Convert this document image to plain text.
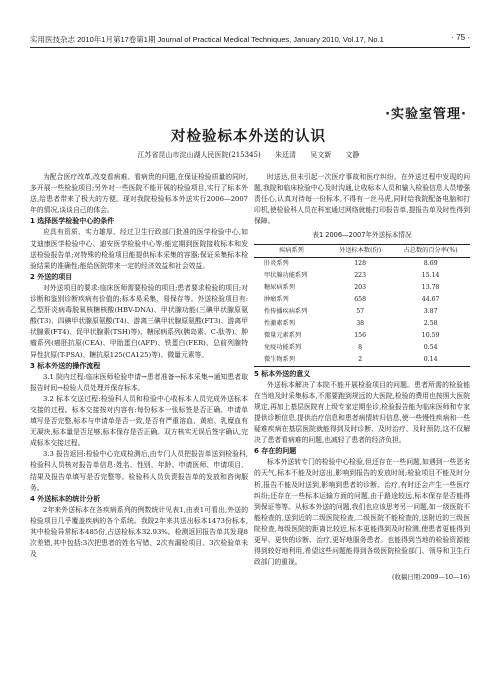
实用医技杂志 2010年1月第17卷第1期 Journal of Practical Medical Techniques, January 2010, Vol.17, No.1	· 75 ·
·实验室管理·
对检验标本外送的认识
江苏省昆山市淀山湖人民医院(215345) 朱廷清 吴文新 文静

为配合医疗改革,改变看病难、看病贵的问题,在保证检验质量的同时,多开展一些检验项目;另外对一些医院不能开展的检验项目,实行了标本外送,给患者带来了极大的方便。现对我院检验标本外送实行2006—2007年的情况,谈谈自己的体会。

1 选择医学检验中心的条件

应具有资质、实力雄厚、经过卫生行政部门批准的医学检验中心,如艾迪康医学检验中心、迪安医学检验中心等;能定期到医院接收标本和发送检验报告单;对特殊的检验项目能提供标本采集的容器;保证采集标本检验结果的准确性;能给医院带来一定的经济效益和社会效益。

2 外送的项目

对外送项目的要求:临床医师需要检验的项目;患者要求检验的项目;对诊断和鉴别诊断疾病有价值的;标本易采集、易保存等。外送检验项目有:乙型肝炎病毒脱氧核糖核酸(HBV-DNA)、甲状腺功能(三碘甲状腺原氨酸(T3)、四碘甲状腺原氨酸(T4)、游离三碘甲状腺原氨酸(FT3)、游离甲状腺素(FT4)、促甲状腺素(TSH)等)、糖尿病系列(胰岛素、C-肽等)、肿瘤系列(癌胚抗原(CEA)、甲胎蛋白(AFP)、铁蛋白(FER)、总前列腺特异性抗原(T-PSA)、糖抗原125(CA125)等)、微量元素等。

3 标本外送的操作流程

3.1 院内过程:临床医师检验申请→患者准备→标本采集→通知患者取报告时间→检验人员处理并保存标本。

3.2 标本交送过程:检验科人员和检验中心收标本人员完成外送标本交接的过程。标本交接按对内容有:每份标本一张标签是否正确、申请单填写是否完整,标本与申请单是否一致,是否有严重溶血、黄疸、乳糜血有无凝块,标本量是否足够,标本保存是否正确。双方核实无误后签字确认,完成标本交接过程。

3.3 报告返回:检验中心完成检测后,由专门人员把报告单送到检验科,检验科人员核对报告单信息:姓名、性别、年龄、申请医师、申请项目、结果及报告单填写是否完整等。检验科人员负责报告单的发放和咨询服务。

4 外送标本的统计分析

2年来外送标本在各疾病系列的例数统计见表1,由表1可看出,外送的检验项目几乎覆盖疾病的各个系统。我院2年来共送出标本1473份标本,其中检验异常标本485份,占送检标本32.93%。检测返回报告单共发现8次差错,其中包括:3次把患者的姓名写错、2次有漏检项目、3次检验单未及

时送达,但未引起一次医疗事故和医疗纠纷。在外送过程中发现的问题,我院和临床检验中心及时沟通,让收标本人员和输入检验信息人员增强责任心,认真对待每一份标本,不得有一丝马虎,同时给我院配备电脑和打印机,使检验科人员在科室通过网络就能打印报告单,提报告单及时性得到保障。

表1 2006—2007年外送标本情况
疾病系列	外送标本数(份)	占总数的百分率(%)
肝炎系列	128	8.69
甲状腺功能系列	223	15.14
糖尿病系列	203	13.78
肿瘤系列	658	44.67
性传播疾病系列	57	3.87
性激素系列	38	2.58
微量元素系列	156	10.59
免疫功能系列	8	0.54
微生物系列	2	0.14
5 标本外送的意义

外送标本解决了本院不能开展检验项目的问题。患者所需的检验能在当地及时采集标本,不需要跑到规远的大医院,检验的费用也按照大医院规定,再加上基层医院有上级专家定期坐诊,检验报告能为临床医师和专家提供诊断信息,提供治疗信息和患者病情转归信息,使一些慢性疾病和一些疑难疾病在基层医院就能得到及时诊断、及时治疗、及时预防,这不仅解决了患者看病难的问题,也减轻了患者的经济负担。

6 存在的问题

标本外送转专门的检验中心检验,但还存在一些问题,如遇到一些恶劣的天气,标本不能及时送出,影响到报告的发放时间;检验项目不能及时分析,报告不能及时送到,影响到患者的诊断、治疗,有时还会产生一些医疗纠纷;还存在一些标本运输方面的问题,由于路途较远,标本保存是否能得到保证等等。从标本外送的问题,我们也应该思考另一问题,如一级医院不能检查的,送到近的二级医院检查,二级医院不能检查的,送附近的三级医院检查,每级医院的距离比较近,标本更能得到及时检测,使患者更能得到更早、更快的诊断、治疗,更好地服务患者。也能得到当地的检验资源能得到较好地利用,希望这些问题能得到各级医院检验部门、领导和卫生行政部门的重视。

(收稿日期:2009—10—16)
